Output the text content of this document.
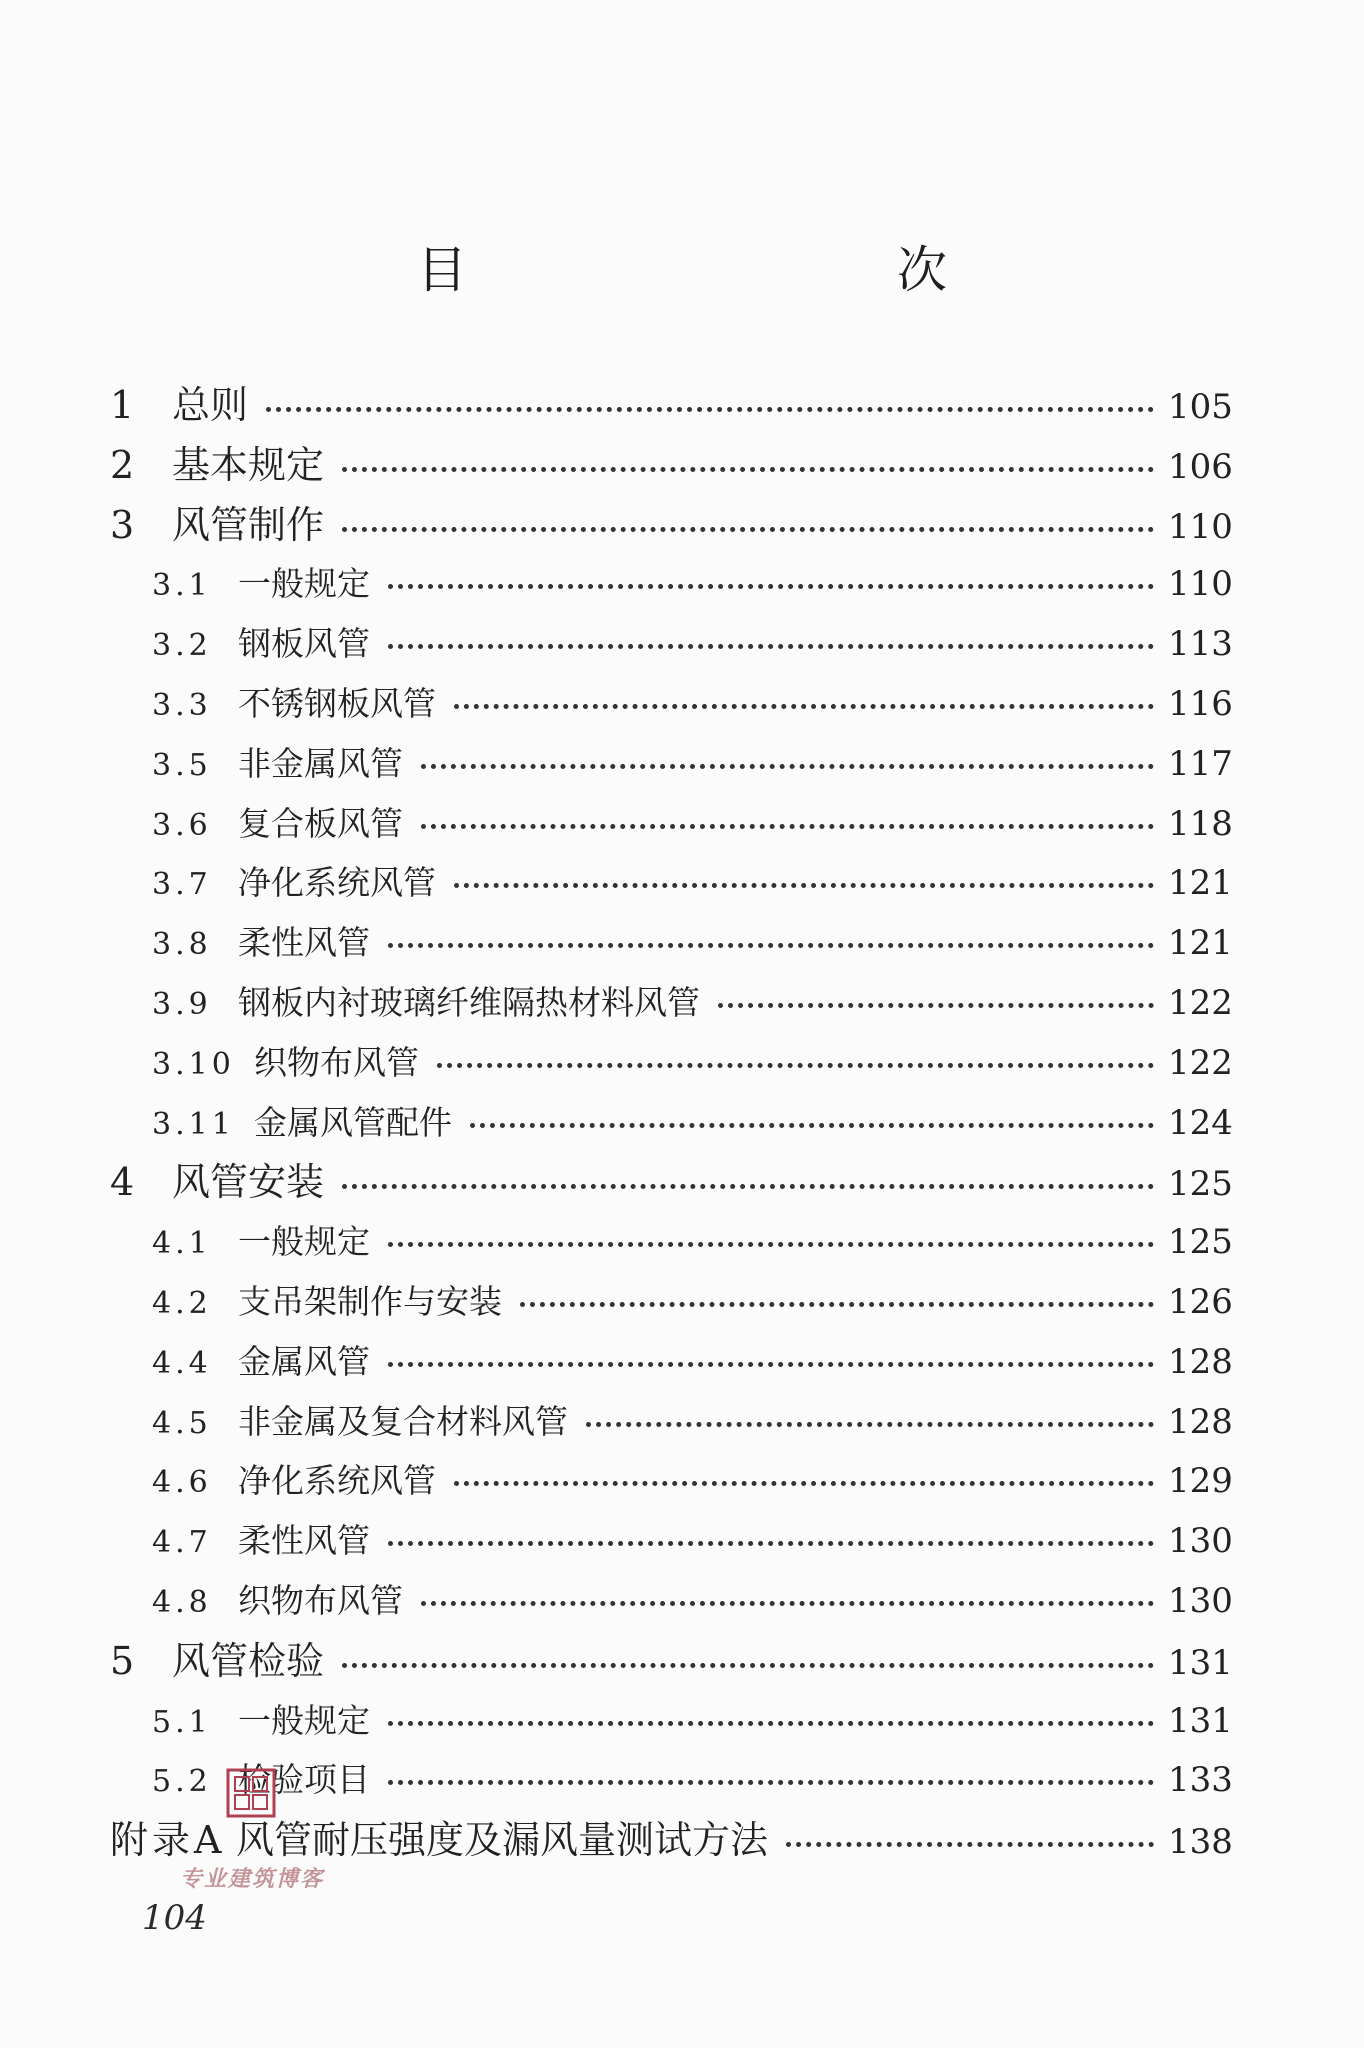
目　　次
1 总则	105
2 基本规定	106
3 风管制作	110
3.1 一般规定	110
3.2 钢板风管	113
3.3 不锈钢板风管	116
3.5 非金属风管	117
3.6 复合板风管	118
3.7 净化系统风管	121
3.8 柔性风管	121
3.9 钢板内衬玻璃纤维隔热材料风管	122
3.10 织物布风管	122
3.11 金属风管配件	124
4 风管安装	125
4.1 一般规定	125
4.2 支吊架制作与安装	126
4.4 金属风管	128
4.5 非金属及复合材料风管	128
4.6 净化系统风管	129
4.7 柔性风管	130
4.8 织物布风管	130
5 风管检验	131
5.1 一般规定	131
5.2 检验项目	133
附录A 风管耐压强度及漏风量测试方法	138
专业建筑博客
104
